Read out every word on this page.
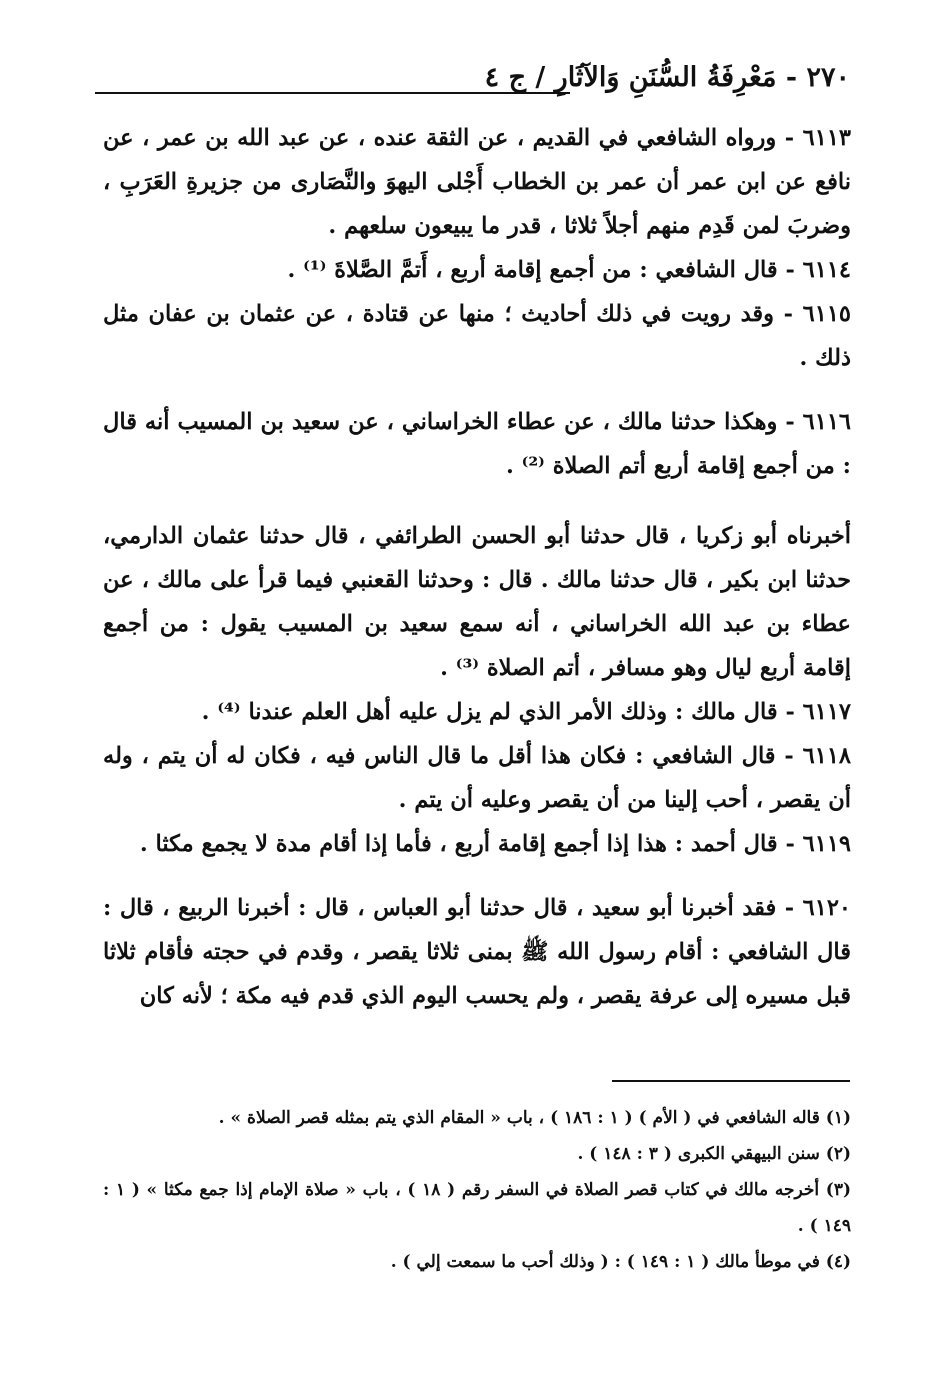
٢٧٠ - مَعْرِفَةُ السُّنَنِ وَالآثَارِ / ج ٤

٦١١٣ - ورواه الشافعي في القديم ، عن الثقة عنده ، عن عبد الله بن عمر ، عن نافع عن ابن عمر أن عمر بن الخطاب أَجْلى اليهوَ والنَّصَارى من جزيرةِ العَرَبِ ، وضربَ لمن قَدِم منهم أجلاً ثلاثا ، قدر ما يبيعون سلعهم .

٦١١٤ - قال الشافعي : من أجمع إقامة أربع ، أَتمَّ الصَّلاةَ ⁽¹⁾ .

٦١١٥ - وقد رويت في ذلك أحاديث ؛ منها عن قتادة ، عن عثمان بن عفان مثل ذلك .

٦١١٦ - وهكذا حدثنا مالك ، عن عطاء الخراساني ، عن سعيد بن المسيب أنه قال : من أجمع إقامة أربع أتم الصلاة ⁽²⁾ .

أخبرناه أبو زكريا ، قال حدثنا أبو الحسن الطرائفي ، قال حدثنا عثمان الدارمي، حدثنا ابن بكير ، قال حدثنا مالك . قال : وحدثنا القعنبي فيما قرأ على مالك ، عن عطاء بن عبد الله الخراساني ، أنه سمع سعيد بن المسيب يقول : من أجمع إقامة أربع ليال وهو مسافر ، أتم الصلاة ⁽³⁾ .

٦١١٧ - قال مالك : وذلك الأمر الذي لم يزل عليه أهل العلم عندنا ⁽⁴⁾ .

٦١١٨ - قال الشافعي : فكان هذا أقل ما قال الناس فيه ، فكان له أن يتم ، وله أن يقصر ، أحب إلينا من أن يقصر وعليه أن يتم .

٦١١٩ - قال أحمد : هذا إذا أجمع إقامة أربع ، فأما إذا أقام مدة لا يجمع مكثا .

٦١٢٠ - فقد أخبرنا أبو سعيد ، قال حدثنا أبو العباس ، قال : أخبرنا الربيع ، قال : قال الشافعي : أقام رسول الله ﷺ بمنى ثلاثا يقصر ، وقدم في حجته فأقام ثلاثا قبل مسيره إلى عرفة يقصر ، ولم يحسب اليوم الذي قدم فيه مكة ؛ لأنه كان

(١) قاله الشافعي في ( الأم ) ( ١ : ١٨٦ ) ، باب « المقام الذي يتم بمثله قصر الصلاة » .

(٢) سنن البيهقي الكبرى ( ٣ : ١٤٨ ) .

(٣) أخرجه مالك في كتاب قصر الصلاة في السفر رقم ( ١٨ ) ، باب « صلاة الإمام إذا جمع مكثا » ( ١ : ١٤٩ ) .

(٤) في موطأ مالك ( ١ : ١٤٩ ) : ( وذلك أحب ما سمعت إلي ) .
